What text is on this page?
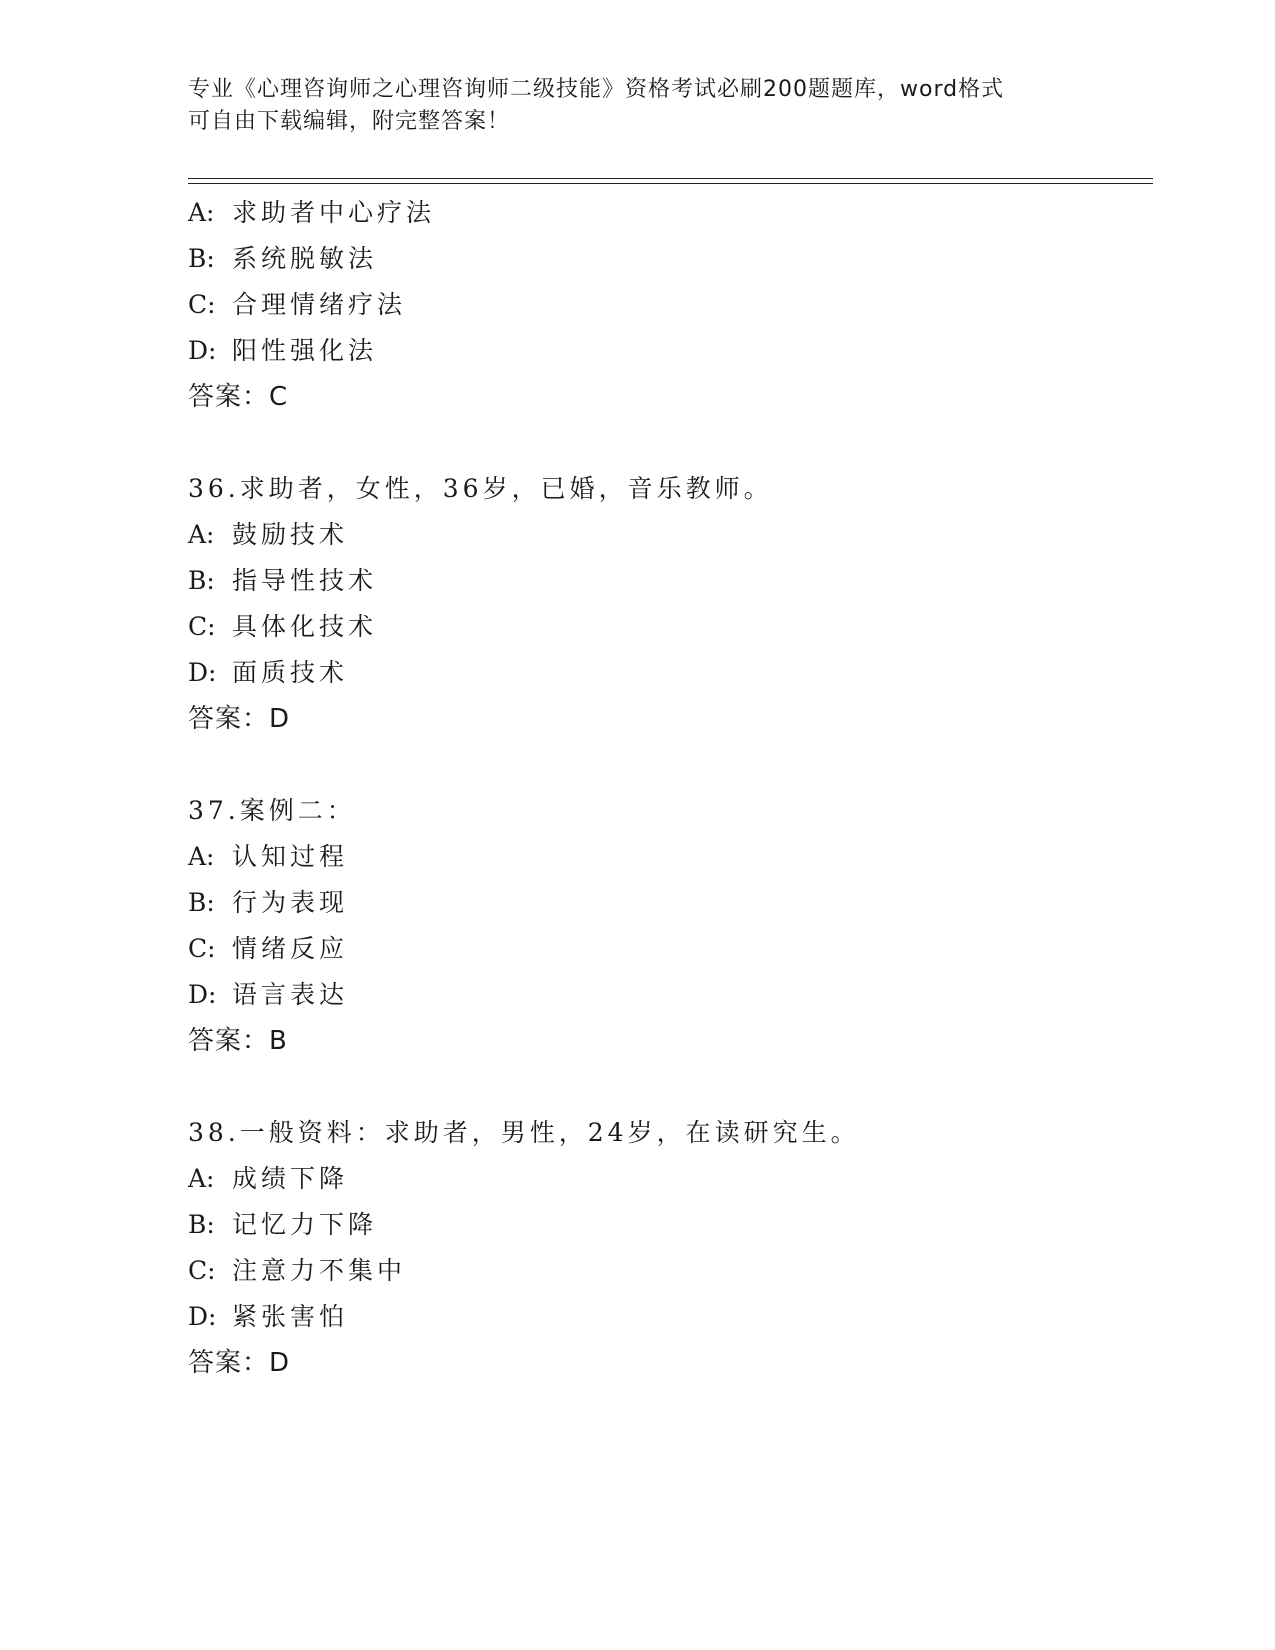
专业《心理咨询师之心理咨询师二级技能》资格考试必刷200题题库，word格式
可自由下载编辑，附完整答案！
A: 求助者中心疗法
B: 系统脱敏法
C: 合理情绪疗法
D: 阳性强化法
答案：C
36.求助者，女性，36岁，已婚，音乐教师。
A: 鼓励技术
B: 指导性技术
C: 具体化技术
D: 面质技术
答案：D
37.案例二：
A: 认知过程
B: 行为表现
C: 情绪反应
D: 语言表达
答案：B
38.一般资料：求助者，男性，24岁，在读研究生。
A: 成绩下降
B: 记忆力下降
C: 注意力不集中
D: 紧张害怕
答案：D
